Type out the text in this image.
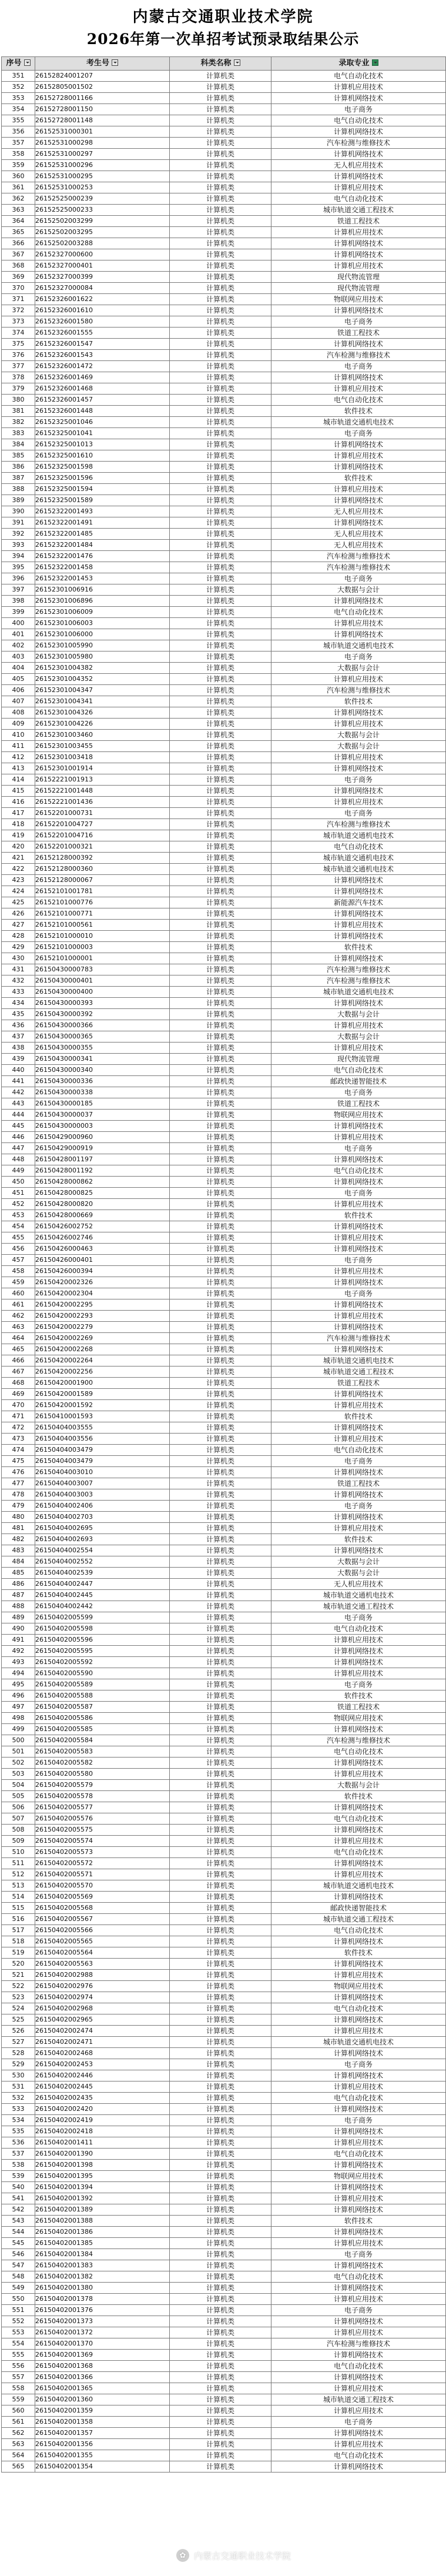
内蒙古交通职业技术学院
2026年第一次单招考试预录取结果公示
序号	考生号	科类名称	录取专业
351	26152824001207	计算机类	电气自动化技术
352	26152805001502	计算机类	计算机应用技术
353	26152728001166	计算机类	计算机网络技术
354	26152728001150	计算机类	电子商务
355	26152728001148	计算机类	电气自动化技术
356	26152531000301	计算机类	计算机网络技术
357	26152531000298	计算机类	汽车检测与维修技术
358	26152531000297	计算机类	计算机网络技术
359	26152531000296	计算机类	无人机应用技术
360	26152531000295	计算机类	计算机网络技术
361	26152531000253	计算机类	计算机应用技术
362	26152525000239	计算机类	电气自动化技术
363	26152525000233	计算机类	城市轨道交通工程技术
364	26152502003299	计算机类	铁道工程技术
365	26152502003295	计算机类	计算机应用技术
366	26152502003288	计算机类	计算机网络技术
367	26152327000600	计算机类	计算机网络技术
368	26152327000401	计算机类	计算机应用技术
369	26152327000399	计算机类	现代物流管理
370	26152327000084	计算机类	现代物流管理
371	26152326001622	计算机类	物联网应用技术
372	26152326001610	计算机类	计算机网络技术
373	26152326001580	计算机类	电子商务
374	26152326001555	计算机类	铁道工程技术
375	26152326001547	计算机类	计算机网络技术
376	26152326001543	计算机类	汽车检测与维修技术
377	26152326001472	计算机类	电子商务
378	26152326001469	计算机类	计算机网络技术
379	26152326001468	计算机类	计算机应用技术
380	26152326001457	计算机类	电气自动化技术
381	26152326001448	计算机类	软件技术
382	26152325001046	计算机类	城市轨道交通机电技术
383	26152325001041	计算机类	电子商务
384	26152325001013	计算机类	计算机网络技术
385	26152325001610	计算机类	计算机应用技术
386	26152325001598	计算机类	计算机网络技术
387	26152325001596	计算机类	软件技术
388	26152325001594	计算机类	计算机应用技术
389	26152325001589	计算机类	计算机网络技术
390	26152322001493	计算机类	无人机应用技术
391	26152322001491	计算机类	计算机网络技术
392	26152322001485	计算机类	无人机应用技术
393	26152322001484	计算机类	无人机应用技术
394	26152322001476	计算机类	汽车检测与维修技术
395	26152322001458	计算机类	汽车检测与维修技术
396	26152322001453	计算机类	电子商务
397	26152301006916	计算机类	大数据与会计
398	26152301006896	计算机类	计算机网络技术
399	26152301006009	计算机类	电气自动化技术
400	26152301006003	计算机类	计算机应用技术
401	26152301006000	计算机类	计算机网络技术
402	26152301005990	计算机类	城市轨道交通机电技术
403	26152301005980	计算机类	电子商务
404	26152301004382	计算机类	大数据与会计
405	26152301004352	计算机类	计算机应用技术
406	26152301004347	计算机类	汽车检测与维修技术
407	26152301004341	计算机类	软件技术
408	26152301004326	计算机类	计算机网络技术
409	26152301004226	计算机类	计算机应用技术
410	26152301003460	计算机类	大数据与会计
411	26152301003455	计算机类	大数据与会计
412	26152301003418	计算机类	计算机应用技术
413	26152301001914	计算机类	计算机网络技术
414	26152221001913	计算机类	电子商务
415	26152221001448	计算机类	计算机网络技术
416	26152221001436	计算机类	计算机应用技术
417	26152201000731	计算机类	电子商务
418	26152201004727	计算机类	汽车检测与维修技术
419	26152201004716	计算机类	城市轨道交通机电技术
420	26152201000321	计算机类	电气自动化技术
421	26152128000392	计算机类	城市轨道交通机电技术
422	26152128000360	计算机类	城市轨道交通机电技术
423	26152128000067	计算机类	计算机网络技术
424	26152101001781	计算机类	计算机网络技术
425	26152101000776	计算机类	新能源汽车技术
426	26152101000771	计算机类	计算机网络技术
427	26152101000561	计算机类	计算机应用技术
428	26152101000010	计算机类	计算机网络技术
429	26152101000003	计算机类	软件技术
430	26152101000001	计算机类	计算机网络技术
431	26150430000783	计算机类	汽车检测与维修技术
432	26150430000401	计算机类	汽车检测与维修技术
433	26150430000400	计算机类	城市轨道交通机电技术
434	26150430000393	计算机类	计算机网络技术
435	26150430000392	计算机类	大数据与会计
436	26150430000366	计算机类	计算机应用技术
437	26150430000365	计算机类	大数据与会计
438	26150430000355	计算机类	计算机应用技术
439	26150430000341	计算机类	现代物流管理
440	26150430000340	计算机类	电气自动化技术
441	26150430000336	计算机类	邮政快递智能技术
442	26150430000338	计算机类	电子商务
443	26150430000185	计算机类	铁道工程技术
444	26150430000037	计算机类	物联网应用技术
445	26150430000003	计算机类	计算机网络技术
446	26150429000960	计算机类	计算机应用技术
447	26150429000919	计算机类	电子商务
448	26150428001197	计算机类	计算机网络技术
449	26150428001192	计算机类	电气自动化技术
450	26150428000862	计算机类	计算机网络技术
451	26150428000825	计算机类	电子商务
452	26150428000820	计算机类	计算机应用技术
453	26150428000669	计算机类	软件技术
454	26150426002752	计算机类	计算机网络技术
455	26150426002746	计算机类	计算机应用技术
456	26150426000463	计算机类	计算机网络技术
457	26150426000401	计算机类	电子商务
458	26150426000394	计算机类	计算机应用技术
459	26150420002326	计算机类	计算机网络技术
460	26150420002304	计算机类	电子商务
461	26150420002295	计算机类	计算机网络技术
462	26150420002293	计算机类	计算机应用技术
463	26150420002279	计算机类	计算机网络技术
464	26150420002269	计算机类	汽车检测与维修技术
465	26150420002268	计算机类	计算机网络技术
466	26150420002264	计算机类	城市轨道交通机电技术
467	26150420002256	计算机类	城市轨道交通工程技术
468	26150420001900	计算机类	铁道工程技术
469	26150420001589	计算机类	计算机网络技术
470	26150420001592	计算机类	计算机应用技术
471	26150410001593	计算机类	软件技术
472	26150404003555	计算机类	计算机网络技术
473	26150404003556	计算机类	计算机应用技术
474	26150404003479	计算机类	电气自动化技术
475	26150404003479	计算机类	电子商务
476	26150404003010	计算机类	计算机网络技术
477	26150404003007	计算机类	铁道工程技术
478	26150404003003	计算机类	计算机网络技术
479	26150404002406	计算机类	电子商务
480	26150404002703	计算机类	计算机网络技术
481	26150404002695	计算机类	计算机应用技术
482	26150404002693	计算机类	软件技术
483	26150404002554	计算机类	计算机网络技术
484	26150404002552	计算机类	大数据与会计
485	26150404002539	计算机类	大数据与会计
486	26150404002447	计算机类	无人机应用技术
487	26150404002445	计算机类	城市轨道交通机电技术
488	26150404002442	计算机类	城市轨道交通工程技术
489	26150402005599	计算机类	电子商务
490	26150402005598	计算机类	电气自动化技术
491	26150402005596	计算机类	计算机应用技术
492	26150402005595	计算机类	计算机网络技术
493	26150402005592	计算机类	计算机网络技术
494	26150402005590	计算机类	计算机应用技术
495	26150402005589	计算机类	电子商务
496	26150402005588	计算机类	软件技术
497	26150402005587	计算机类	铁道工程技术
498	26150402005586	计算机类	物联网应用技术
499	26150402005585	计算机类	计算机网络技术
500	26150402005584	计算机类	汽车检测与维修技术
501	26150402005583	计算机类	电气自动化技术
502	26150402005582	计算机类	计算机网络技术
503	26150402005580	计算机类	计算机应用技术
504	26150402005579	计算机类	大数据与会计
505	26150402005578	计算机类	软件技术
506	26150402005577	计算机类	计算机网络技术
507	26150402005576	计算机类	电气自动化技术
508	26150402005575	计算机类	计算机网络技术
509	26150402005574	计算机类	计算机应用技术
510	26150402005573	计算机类	电气自动化技术
511	26150402005572	计算机类	计算机网络技术
512	26150402005571	计算机类	计算机应用技术
513	26150402005570	计算机类	城市轨道交通机电技术
514	26150402005569	计算机类	计算机网络技术
515	26150402005568	计算机类	邮政快递智能技术
516	26150402005567	计算机类	城市轨道交通工程技术
517	26150402005566	计算机类	电气自动化技术
518	26150402005565	计算机类	计算机网络技术
519	26150402005564	计算机类	软件技术
520	26150402005563	计算机类	计算机网络技术
521	26150402002988	计算机类	计算机应用技术
522	26150402002976	计算机类	物联网应用技术
523	26150402002974	计算机类	计算机网络技术
524	26150402002968	计算机类	电气自动化技术
525	26150402002965	计算机类	计算机网络技术
526	26150402002474	计算机类	计算机应用技术
527	26150402002471	计算机类	城市轨道交通机电技术
528	26150402002468	计算机类	计算机网络技术
529	26150402002453	计算机类	电子商务
530	26150402002446	计算机类	计算机网络技术
531	26150402002445	计算机类	计算机应用技术
532	26150402002435	计算机类	电气自动化技术
533	26150402002420	计算机类	计算机网络技术
534	26150402002419	计算机类	电子商务
535	26150402002418	计算机类	计算机网络技术
536	26150402001411	计算机类	计算机应用技术
537	26150402001390	计算机类	电气自动化技术
538	26150402001398	计算机类	计算机网络技术
539	26150402001395	计算机类	物联网应用技术
540	26150402001394	计算机类	计算机网络技术
541	26150402001392	计算机类	计算机应用技术
542	26150402001389	计算机类	计算机网络技术
543	26150402001388	计算机类	软件技术
544	26150402001386	计算机类	计算机网络技术
545	26150402001385	计算机类	计算机应用技术
546	26150402001384	计算机类	电子商务
547	26150402001383	计算机类	计算机网络技术
548	26150402001382	计算机类	电气自动化技术
549	26150402001380	计算机类	计算机网络技术
550	26150402001378	计算机类	计算机应用技术
551	26150402001376	计算机类	电子商务
552	26150402001373	计算机类	计算机网络技术
553	26150402001372	计算机类	计算机应用技术
554	26150402001370	计算机类	汽车检测与维修技术
555	26150402001369	计算机类	计算机网络技术
556	26150402001368	计算机类	电气自动化技术
557	26150402001366	计算机类	计算机网络技术
558	26150402001365	计算机类	计算机应用技术
559	26150402001360	计算机类	城市轨道交通工程技术
560	26150402001359	计算机类	计算机应用技术
561	26150402001358	计算机类	电子商务
562	26150402001357	计算机类	计算机网络技术
563	26150402001356	计算机类	计算机应用技术
564	26150402001355	计算机类	电气自动化技术
565	26150402001354	计算机类	计算机网络技术
✿ 内蒙古交通职业技术学院
